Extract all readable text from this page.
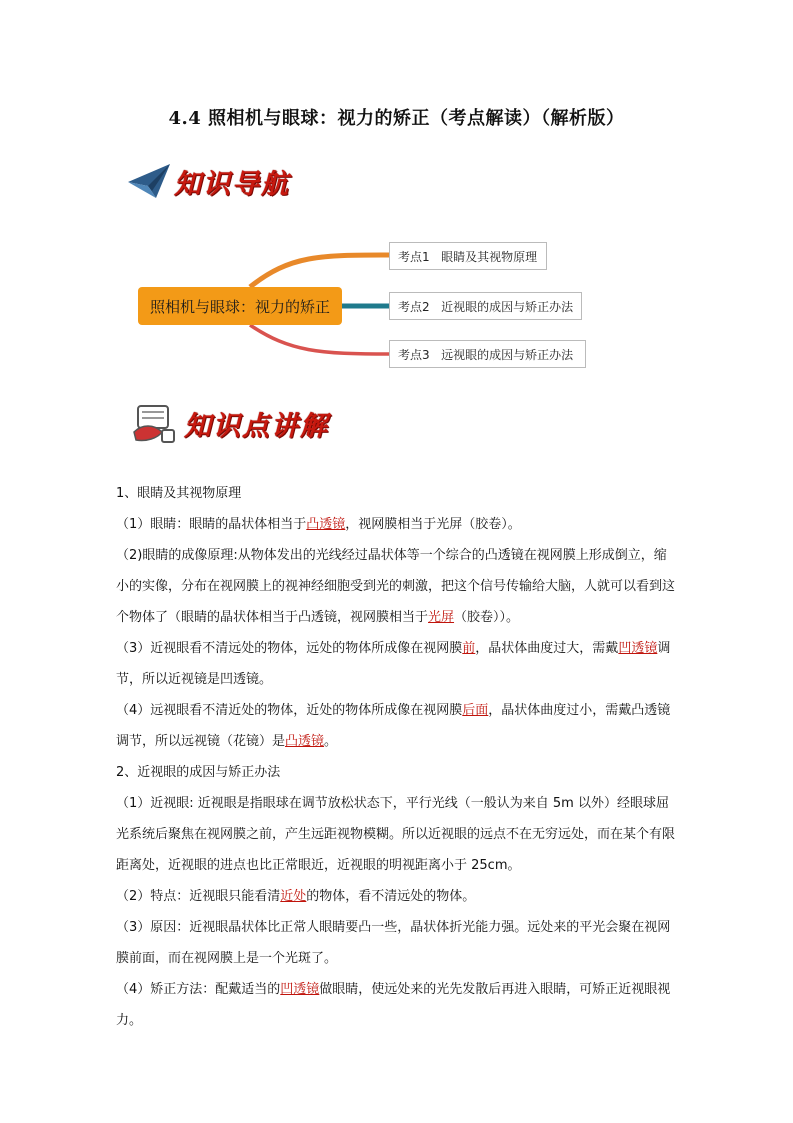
4.4 照相机与眼球：视力的矫正（考点解读）（解析版）
知识导航
照相机与眼球：视力的矫正
考点1   眼睛及其视物原理
考点2   近视眼的成因与矫正办法
考点3   远视眼的成因与矫正办法
知识点讲解

1、眼睛及其视物原理

（1）眼睛：眼睛的晶状体相当于凸透镜，视网膜相当于光屏（胶卷）。

（2)眼睛的成像原理:从物体发出的光线经过晶状体等一个综合的凸透镜在视网膜上形成倒立，缩小的实像，分布在视网膜上的视神经细胞受到光的刺激，把这个信号传输给大脑，人就可以看到这个物体了（眼睛的晶状体相当于凸透镜，视网膜相当于光屏（胶卷））。

（3）近视眼看不清远处的物体，远处的物体所成像在视网膜前，晶状体曲度过大，需戴凹透镜调节，所以近视镜是凹透镜。

（4）远视眼看不清近处的物体，近处的物体所成像在视网膜后面，晶状体曲度过小，需戴凸透镜调节，所以远视镜（花镜）是凸透镜。

2、近视眼的成因与矫正办法

（1）近视眼: 近视眼是指眼球在调节放松状态下，平行光线（一般认为来自 5m 以外）经眼球屈光系统后聚焦在视网膜之前，产生远距视物模糊。所以近视眼的远点不在无穷远处，而在某个有限距离处，近视眼的进点也比正常眼近，近视眼的明视距离小于 25cm。

（2）特点：近视眼只能看清近处的物体，看不清远处的物体。

（3）原因：近视眼晶状体比正常人眼睛要凸一些，晶状体折光能力强。远处来的平光会聚在视网膜前面，而在视网膜上是一个光斑了。

（4）矫正方法：配戴适当的凹透镜做眼睛，使远处来的光先发散后再进入眼睛，可矫正近视眼视力。
